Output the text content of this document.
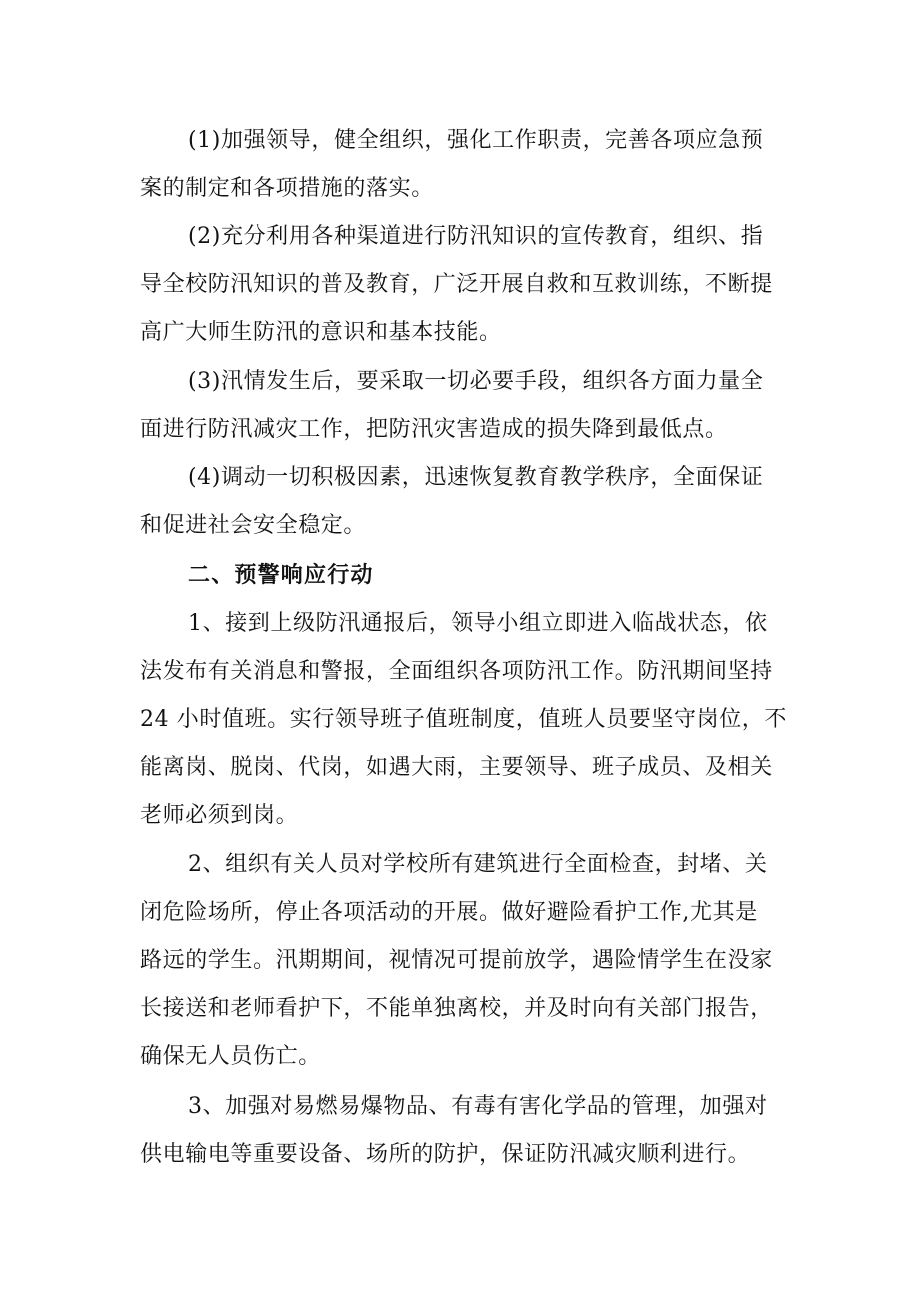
(1)加强领导，健全组织，强化工作职责，完善各项应急预
案的制定和各项措施的落实。
(2)充分利用各种渠道进行防汛知识的宣传教育，组织、指
导全校防汛知识的普及教育，广泛开展自救和互救训练，不断提
高广大师生防汛的意识和基本技能。
(3)汛情发生后，要采取一切必要手段，组织各方面力量全
面进行防汛减灾工作，把防汛灾害造成的损失降到最低点。
(4)调动一切积极因素，迅速恢复教育教学秩序，全面保证
和促进社会安全稳定。
二、预警响应行动
1、接到上级防汛通报后，领导小组立即进入临战状态，依
法发布有关消息和警报，全面组织各项防汛工作。防汛期间坚持
24 小时值班。实行领导班子值班制度，值班人员要坚守岗位，不
能离岗、脱岗、代岗，如遇大雨，主要领导、班子成员、及相关
老师必须到岗。
2、组织有关人员对学校所有建筑进行全面检查，封堵、关
闭危险场所，停止各项活动的开展。做好避险看护工作,尤其是
路远的学生。汛期期间，视情况可提前放学，遇险情学生在没家
长接送和老师看护下，不能单独离校，并及时向有关部门报告，
确保无人员伤亡。
3、加强对易燃易爆物品、有毒有害化学品的管理，加强对
供电输电等重要设备、场所的防护，保证防汛减灾顺利进行。
